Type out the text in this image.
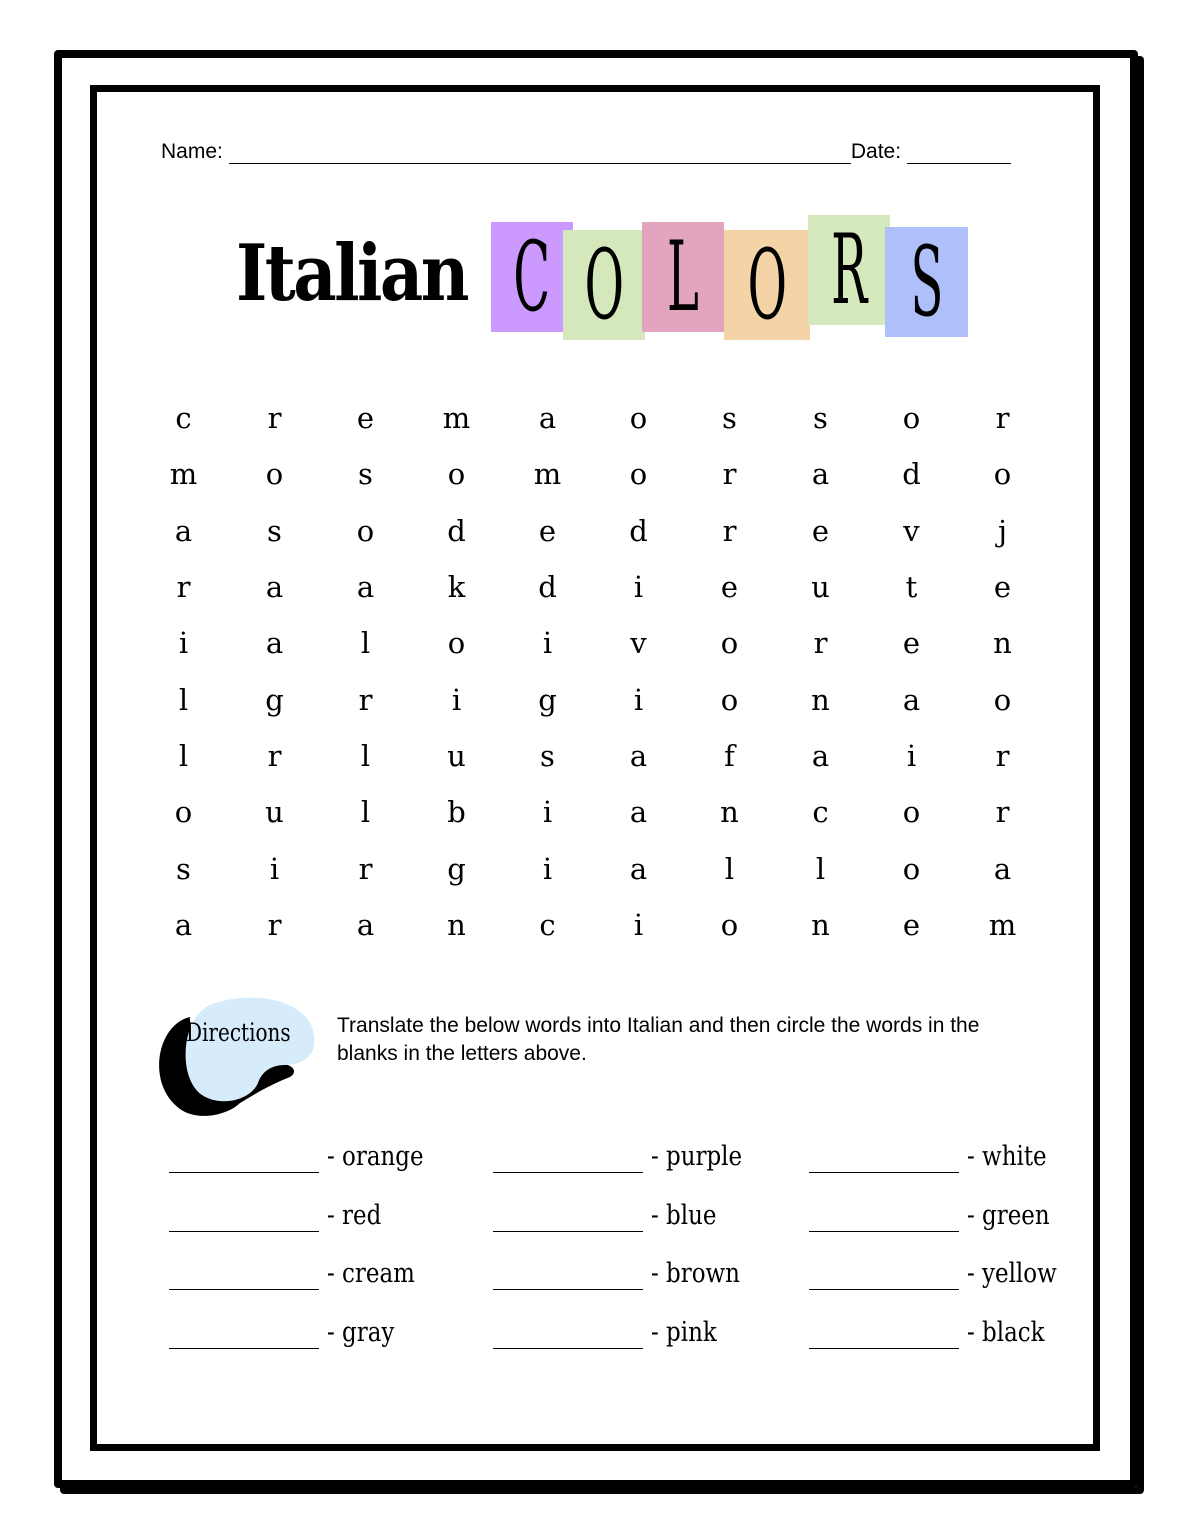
Name:	Date:
Italian C O L O R S
c	r	e	m	a	o	s	s	o	r
m	o	s	o	m	o	r	a	d	o
a	s	o	d	e	d	r	e	v	j
r	a	a	k	d	i	e	u	t	e
i	a	l	o	i	v	o	r	e	n
l	g	r	i	g	i	o	n	a	o
l	r	l	u	s	a	f	a	i	r
o	u	l	b	i	a	n	c	o	r
s	i	r	g	i	a	l	l	o	a
a	r	a	n	c	i	o	n	e	m
Directions Translate the below words into Italian and then circle the words in the blanks in the letters above.
- orange	- purple	- white
- red	- blue	- green
- cream	- brown	- yellow
- gray	- pink	- black
